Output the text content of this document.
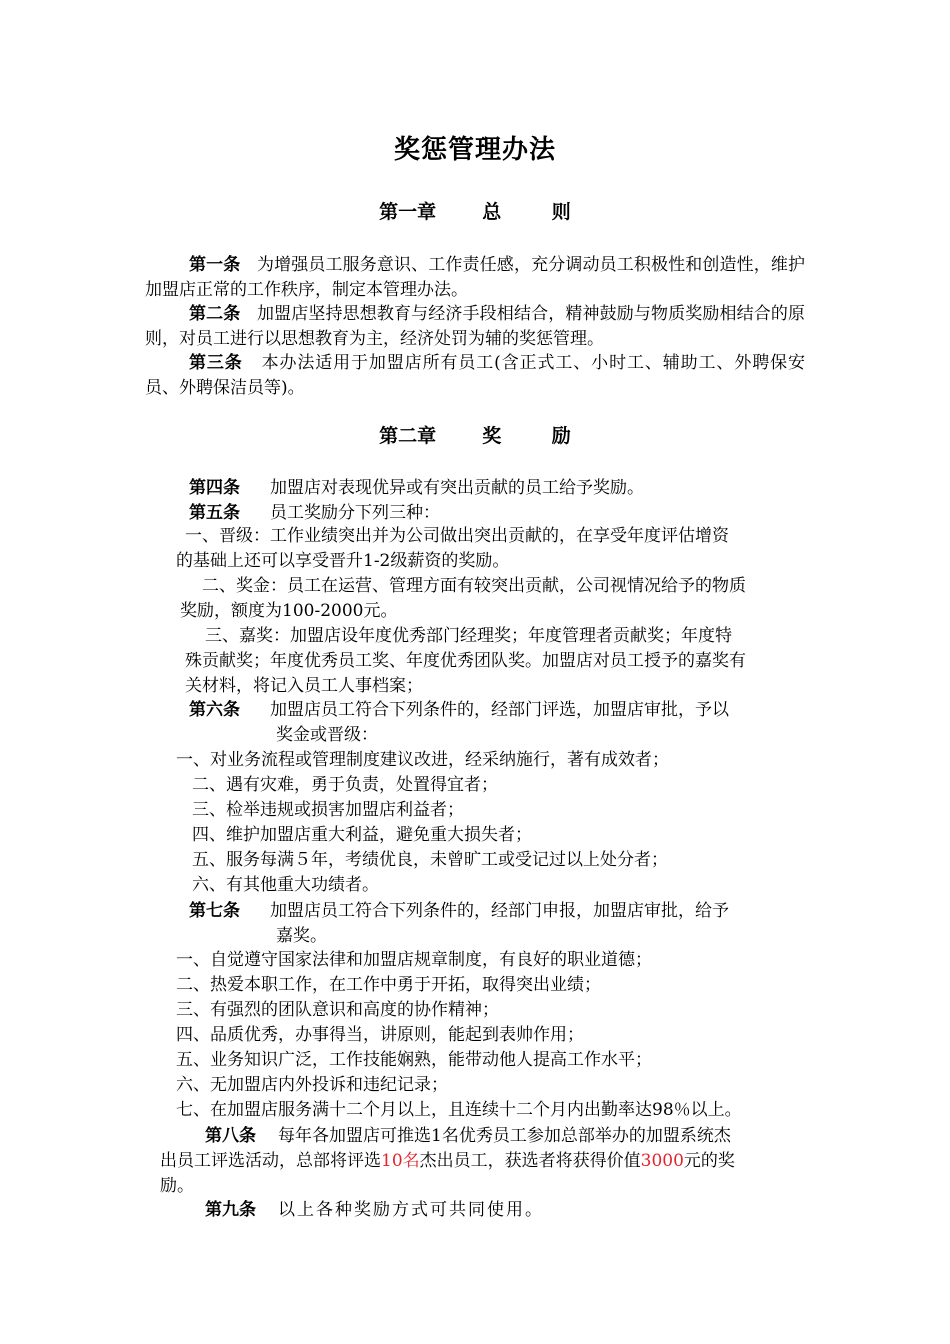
奖惩管理办法
第一章 总 则
第一条 为增强员工服务意识、工作责任感，充分调动员工积极性和创造性，维护加盟店正常的工作秩序，制定本管理办法。
第二条 加盟店坚持思想教育与经济手段相结合，精神鼓励与物质奖励相结合的原则，对员工进行以思想教育为主，经济处罚为辅的奖惩管理。
第三条 本办法适用于加盟店所有员工(含正式工、小时工、辅助工、外聘保安员、外聘保洁员等)。
第二章 奖 励
第四条 加盟店对表现优异或有突出贡献的员工给予奖励。
第五条 员工奖励分下列三种：
一、晋级：工作业绩突出并为公司做出突出贡献的，在享受年度评估增资
的基础上还可以享受晋升1-2级薪资的奖励。
二、奖金：员工在运营、管理方面有较突出贡献，公司视情况给予的物质
奖励，额度为100-2000元。
三、嘉奖：加盟店设年度优秀部门经理奖；年度管理者贡献奖；年度特
殊贡献奖；年度优秀员工奖、年度优秀团队奖。加盟店对员工授予的嘉奖有
关材料，将记入员工人事档案；
第六条 加盟店员工符合下列条件的，经部门评选，加盟店审批，予以
奖金或晋级：
一、对业务流程或管理制度建议改进，经采纳施行，著有成效者；
二、遇有灾难，勇于负责，处置得宜者；
三、检举违规或损害加盟店利益者；
四、维护加盟店重大利益，避免重大损失者；
五、服务每满５年，考绩优良，未曾旷工或受记过以上处分者；
六、有其他重大功绩者。
第七条 加盟店员工符合下列条件的，经部门申报，加盟店审批，给予
嘉奖。
一、自觉遵守国家法律和加盟店规章制度，有良好的职业道德；
二、热爱本职工作，在工作中勇于开拓，取得突出业绩；
三、有强烈的团队意识和高度的协作精神；
四、品质优秀，办事得当，讲原则，能起到表帅作用；
五、业务知识广泛，工作技能娴熟，能带动他人提高工作水平；
六、无加盟店内外投诉和违纪记录；
七、在加盟店服务满十二个月以上，且连续十二个月内出勤率达98％以上。
第八条 每年各加盟店可推选1名优秀员工参加总部举办的加盟系统杰
出员工评选活动，总部将评选10名杰出员工，获选者将获得价值3000元的奖
励。
第九条 以上各种奖励方式可共同使用。
